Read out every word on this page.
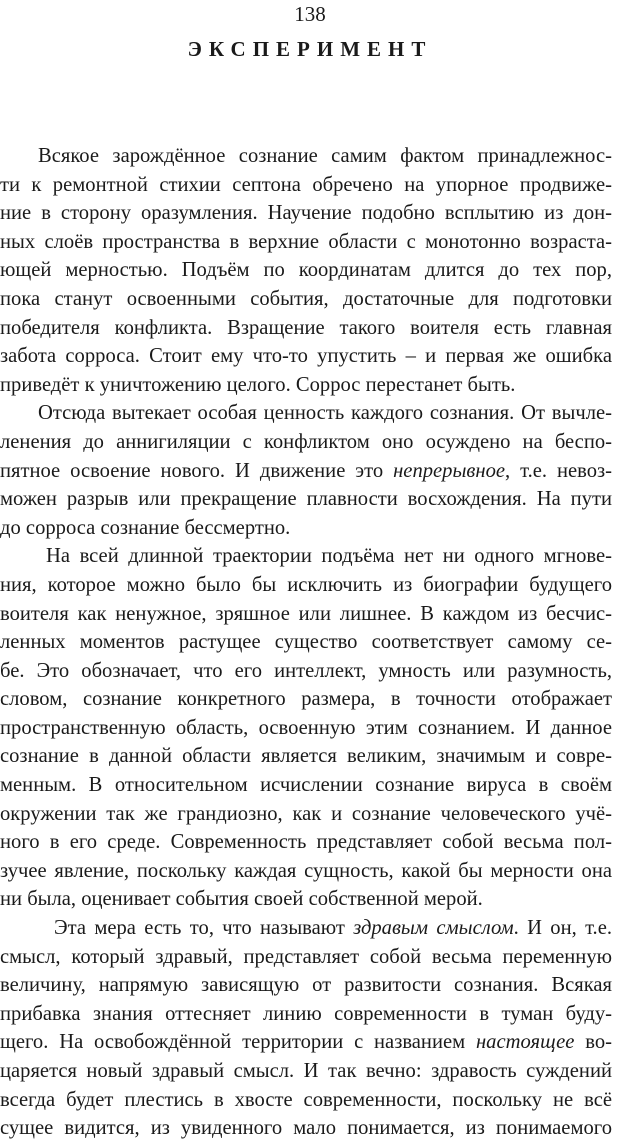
138
ЭКСПЕРИМЕНТ
Всякое зарождённое сознание самим фактом принадлежнос-
ти к ремонтной стихии септона обречено на упорное продвиже-
ние в сторону оразумления. Научение подобно всплытию из дон-
ных слоёв пространства в верхние области с монотонно возраста-
ющей мерностью. Подъём по координатам длится до тех пор,
пока станут освоенными события, достаточные для подготовки
победителя конфликта. Взращение такого воителя есть главная
забота сорроса. Стоит ему что-то упустить – и первая же ошибка
приведёт к уничтожению целого. Соррос перестанет быть.
Отсюда вытекает особая ценность каждого сознания. От вычле-
ленения до аннигиляции с конфликтом оно осуждено на беспо-
пятное освоение нового. И движение это непрерывное, т.е. невоз-
можен разрыв или прекращение плавности восхождения. На пути
до сорроса сознание бессмертно.
На всей длинной траектории подъёма нет ни одного мгнове-
ния, которое можно было бы исключить из биографии будущего
воителя как ненужное, зряшное или лишнее. В каждом из бесчис-
ленных моментов растущее существо соответствует самому се-
бе. Это обозначает, что его интеллект, умность или разумность,
словом, сознание конкретного размера, в точности отображает
пространственную область, освоенную этим сознанием. И данное
сознание в данной области является великим, значимым и совре-
менным. В относительном исчислении сознание вируса в своём
окружении так же грандиозно, как и сознание человеческого учё-
ного в его среде. Современность представляет собой весьма пол-
зучее явление, поскольку каждая сущность, какой бы мерности она
ни была, оценивает события своей собственной мерой.
Эта мера есть то, что называют здравым смыслом. И он, т.е.
смысл, который здравый, представляет собой весьма переменную
величину, напрямую зависящую от развитости сознания. Всякая
прибавка знания оттесняет линию современности в туман буду-
щего. На освобождённой территории с названием настоящее во-
царяется новый здравый смысл. И так вечно: здравость суждений
всегда будет плестись в хвосте современности, поскольку не всё
сущее видится, из увиденного мало понимается, из понимаемого
